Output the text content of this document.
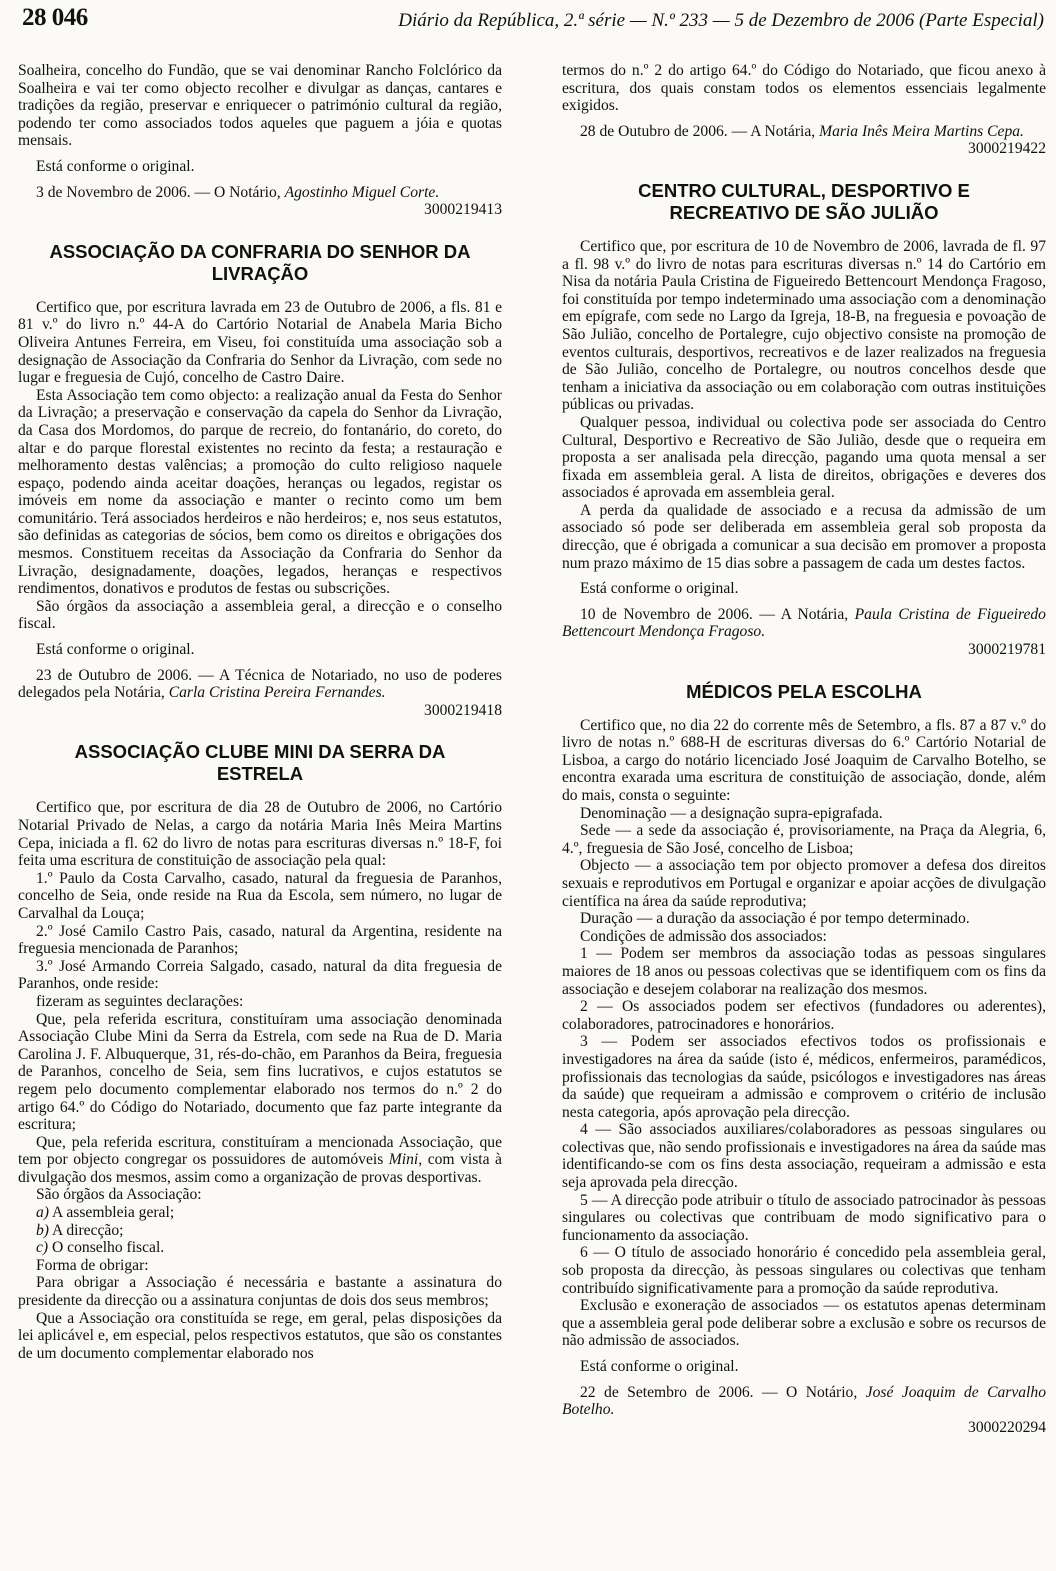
28 046	Diário da República, 2.ª série — N.º 233 — 5 de Dezembro de 2006 (Parte Especial)

Soalheira, concelho do Fundão, que se vai denominar Rancho Folclórico da Soalheira e vai ter como objecto recolher e divulgar as danças, cantares e tradições da região, preservar e enriquecer o património cultural da região, podendo ter como associados todos aqueles que paguem a jóia e quotas mensais.

Está conforme o original.

3 de Novembro de 2006. — O Notário, Agostinho Miguel Corte.

3000219413

ASSOCIAÇÃO DA CONFRARIA DO SENHOR DA LIVRAÇÃO

Certifico que, por escritura lavrada em 23 de Outubro de 2006, a fls. 81 e 81 v.º do livro n.º 44-A do Cartório Notarial de Anabela Maria Bicho Oliveira Antunes Ferreira, em Viseu, foi constituída uma associação sob a designação de Associação da Confraria do Senhor da Livração, com sede no lugar e freguesia de Cujó, concelho de Castro Daire.

Esta Associação tem como objecto: a realização anual da Festa do Senhor da Livração; a preservação e conservação da capela do Senhor da Livração, da Casa dos Mordomos, do parque de recreio, do fontanário, do coreto, do altar e do parque florestal existentes no recinto da festa; a restauração e melhoramento destas valências; a promoção do culto religioso naquele espaço, podendo ainda aceitar doações, heranças ou legados, registar os imóveis em nome da associação e manter o recinto como um bem comunitário. Terá associados herdeiros e não herdeiros; e, nos seus estatutos, são definidas as categorias de sócios, bem como os direitos e obrigações dos mesmos. Constituem receitas da Associação da Confraria do Senhor da Livração, designadamente, doações, legados, heranças e respectivos rendimentos, donativos e produtos de festas ou subscrições.

São órgãos da associação a assembleia geral, a direcção e o conselho fiscal.

Está conforme o original.

23 de Outubro de 2006. — A Técnica de Notariado, no uso de poderes delegados pela Notária, Carla Cristina Pereira Fernandes.

3000219418

ASSOCIAÇÃO CLUBE MINI DA SERRA DA ESTRELA

Certifico que, por escritura de dia 28 de Outubro de 2006, no Cartório Notarial Privado de Nelas, a cargo da notária Maria Inês Meira Martins Cepa, iniciada a fl. 62 do livro de notas para escrituras diversas n.º 18-F, foi feita uma escritura de constituição de associação pela qual:

1.º Paulo da Costa Carvalho, casado, natural da freguesia de Paranhos, concelho de Seia, onde reside na Rua da Escola, sem número, no lugar de Carvalhal da Louça;

2.º José Camilo Castro Pais, casado, natural da Argentina, residente na freguesia mencionada de Paranhos;

3.º José Armando Correia Salgado, casado, natural da dita freguesia de Paranhos, onde reside:

fizeram as seguintes declarações:

Que, pela referida escritura, constituíram uma associação denominada Associação Clube Mini da Serra da Estrela, com sede na Rua de D. Maria Carolina J. F. Albuquerque, 31, rés-do-chão, em Paranhos da Beira, freguesia de Paranhos, concelho de Seia, sem fins lucrativos, e cujos estatutos se regem pelo documento complementar elaborado nos termos do n.º 2 do artigo 64.º do Código do Notariado, documento que faz parte integrante da escritura;

Que, pela referida escritura, constituíram a mencionada Associação, que tem por objecto congregar os possuidores de automóveis Mini, com vista à divulgação dos mesmos, assim como a organização de provas desportivas.

São órgãos da Associação:

a) A assembleia geral;

b) A direcção;

c) O conselho fiscal.

Forma de obrigar:

Para obrigar a Associação é necessária e bastante a assinatura do presidente da direcção ou a assinatura conjuntas de dois dos seus membros;

Que a Associação ora constituída se rege, em geral, pelas disposições da lei aplicável e, em especial, pelos respectivos estatutos, que são os constantes de um documento complementar elaborado nos

termos do n.º 2 do artigo 64.º do Código do Notariado, que ficou anexo à escritura, dos quais constam todos os elementos essenciais legalmente exigidos.

28 de Outubro de 2006. — A Notária, Maria Inês Meira Martins Cepa.

3000219422

CENTRO CULTURAL, DESPORTIVO E RECREATIVO DE SÃO JULIÃO

Certifico que, por escritura de 10 de Novembro de 2006, lavrada de fl. 97 a fl. 98 v.º do livro de notas para escrituras diversas n.º 14 do Cartório em Nisa da notária Paula Cristina de Figueiredo Bettencourt Mendonça Fragoso, foi constituída por tempo indeterminado uma associação com a denominação em epígrafe, com sede no Largo da Igreja, 18-B, na freguesia e povoação de São Julião, concelho de Portalegre, cujo objectivo consiste na promoção de eventos culturais, desportivos, recreativos e de lazer realizados na freguesia de São Julião, concelho de Portalegre, ou noutros concelhos desde que tenham a iniciativa da associação ou em colaboração com outras instituições públicas ou privadas.

Qualquer pessoa, individual ou colectiva pode ser associada do Centro Cultural, Desportivo e Recreativo de São Julião, desde que o requeira em proposta a ser analisada pela direcção, pagando uma quota mensal a ser fixada em assembleia geral. A lista de direitos, obrigações e deveres dos associados é aprovada em assembleia geral.

A perda da qualidade de associado e a recusa da admissão de um associado só pode ser deliberada em assembleia geral sob proposta da direcção, que é obrigada a comunicar a sua decisão em promover a proposta num prazo máximo de 15 dias sobre a passagem de cada um destes factos.

Está conforme o original.

10 de Novembro de 2006. — A Notária, Paula Cristina de Figueiredo Bettencourt Mendonça Fragoso.

3000219781

MÉDICOS PELA ESCOLHA

Certifico que, no dia 22 do corrente mês de Setembro, a fls. 87 a 87 v.º do livro de notas n.º 688-H de escrituras diversas do 6.º Cartório Notarial de Lisboa, a cargo do notário licenciado José Joaquim de Carvalho Botelho, se encontra exarada uma escritura de constituição de associação, donde, além do mais, consta o seguinte:

Denominação — a designação supra-epigrafada.

Sede — a sede da associação é, provisoriamente, na Praça da Alegria, 6, 4.º, freguesia de São José, concelho de Lisboa;

Objecto — a associação tem por objecto promover a defesa dos direitos sexuais e reprodutivos em Portugal e organizar e apoiar acções de divulgação científica na área da saúde reprodutiva;

Duração — a duração da associação é por tempo determinado.

Condições de admissão dos associados:

1 — Podem ser membros da associação todas as pessoas singulares maiores de 18 anos ou pessoas colectivas que se identifiquem com os fins da associação e desejem colaborar na realização dos mesmos.

2 — Os associados podem ser efectivos (fundadores ou aderentes), colaboradores, patrocinadores e honorários.

3 — Podem ser associados efectivos todos os profissionais e investigadores na área da saúde (isto é, médicos, enfermeiros, paramédicos, profissionais das tecnologias da saúde, psicólogos e investigadores nas áreas da saúde) que requeiram a admissão e comprovem o critério de inclusão nesta categoria, após aprovação pela direcção.

4 — São associados auxiliares/colaboradores as pessoas singulares ou colectivas que, não sendo profissionais e investigadores na área da saúde mas identificando-se com os fins desta associação, requeiram a admissão e esta seja aprovada pela direcção.

5 — A direcção pode atribuir o título de associado patrocinador às pessoas singulares ou colectivas que contribuam de modo significativo para o funcionamento da associação.

6 — O título de associado honorário é concedido pela assembleia geral, sob proposta da direcção, às pessoas singulares ou colectivas que tenham contribuído significativamente para a promoção da saúde reprodutiva.

Exclusão e exoneração de associados — os estatutos apenas determinam que a assembleia geral pode deliberar sobre a exclusão e sobre os recursos de não admissão de associados.

Está conforme o original.

22 de Setembro de 2006. — O Notário, José Joaquim de Carvalho Botelho.

3000220294
